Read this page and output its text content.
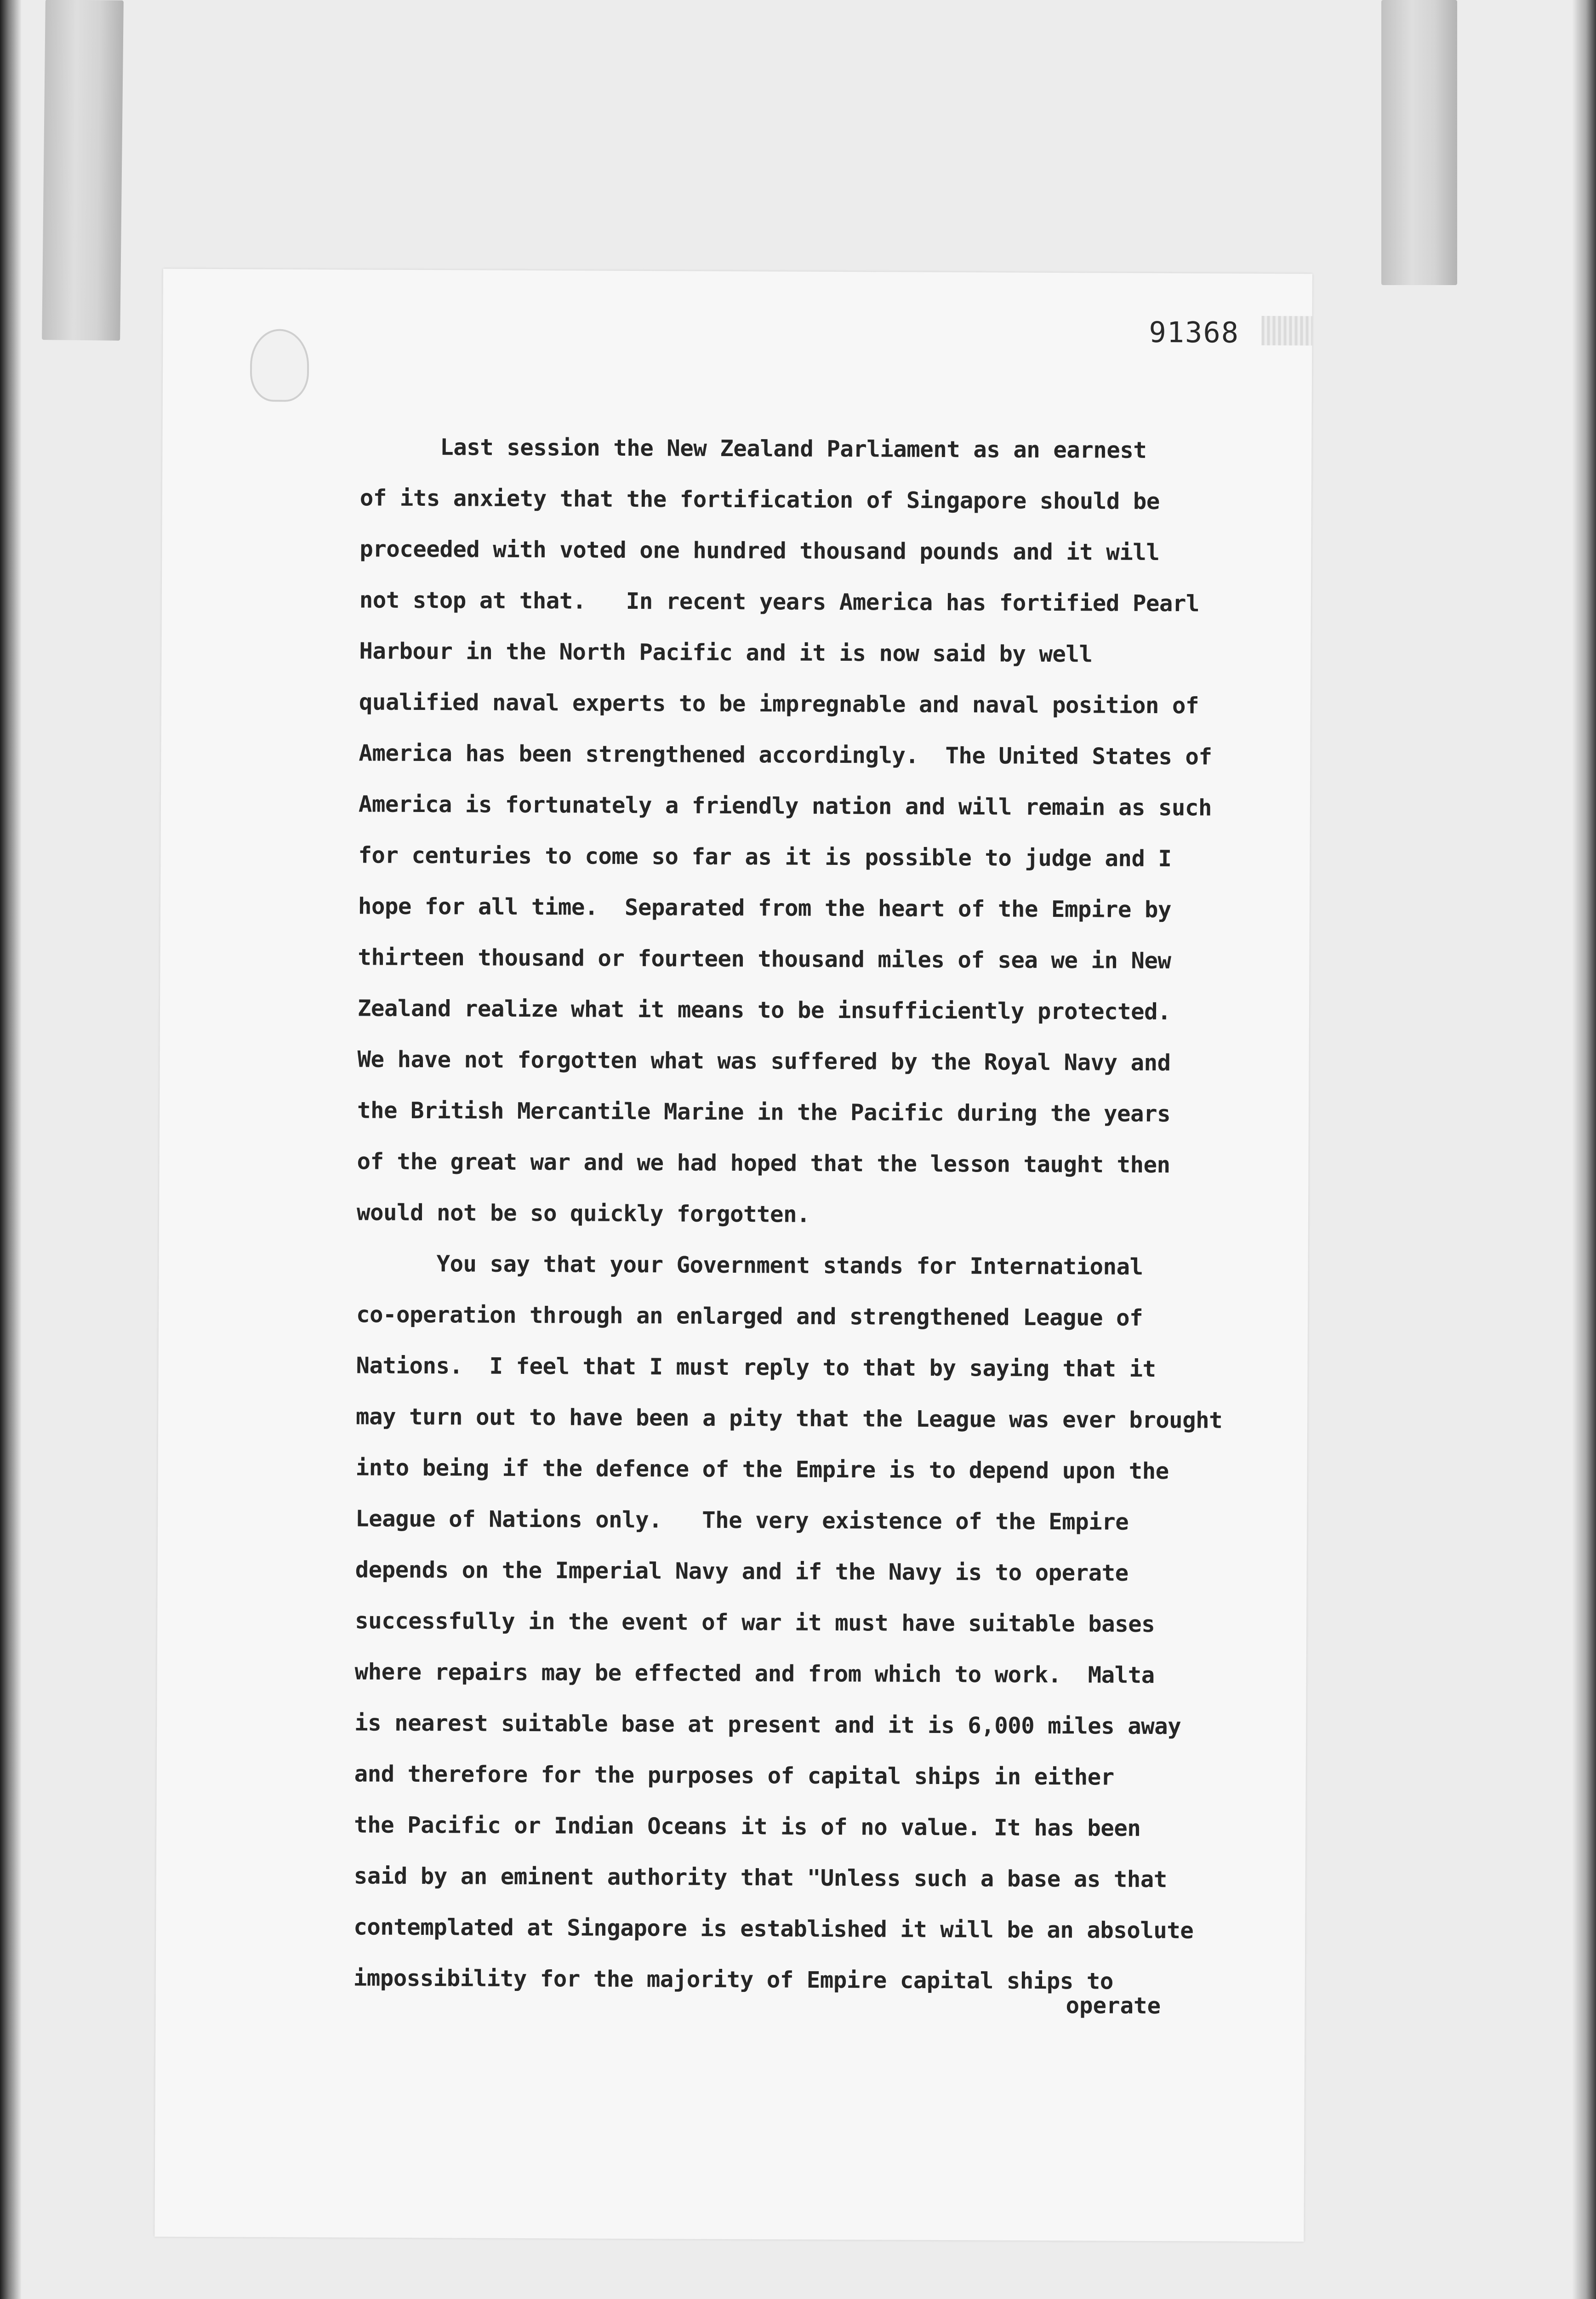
91368
Last session the New Zealand Parliament as an earnest
of its anxiety that the fortification of Singapore should be
proceeded with voted one hundred thousand pounds and it will
not stop at that.   In recent years America has fortified Pearl
Harbour in the North Pacific and it is now said by well
qualified naval experts to be impregnable and naval position of
America has been strengthened accordingly.  The United States of
America is fortunately a friendly nation and will remain as such
for centuries to come so far as it is possible to judge and I
hope for all time.  Separated from the heart of the Empire by
thirteen thousand or fourteen thousand miles of sea we in New
Zealand realize what it means to be insufficiently protected.
We have not forgotten what was suffered by the Royal Navy and
the British Mercantile Marine in the Pacific during the years
of the great war and we had hoped that the lesson taught then
would not be so quickly forgotten.
You say that your Government stands for International
co-operation through an enlarged and strengthened League of
Nations.  I feel that I must reply to that by saying that it
may turn out to have been a pity that the League was ever brought
into being if the defence of the Empire is to depend upon the
League of Nations only.   The very existence of the Empire
depends on the Imperial Navy and if the Navy is to operate
successfully in the event of war it must have suitable bases
where repairs may be effected and from which to work.  Malta
is nearest suitable base at present and it is 6,000 miles away
and therefore for the purposes of capital ships in either
the Pacific or Indian Oceans it is of no value. It has been
said by an eminent authority that "Unless such a base as that
contemplated at Singapore is established it will be an absolute
impossibility for the majority of Empire capital ships to
operate
